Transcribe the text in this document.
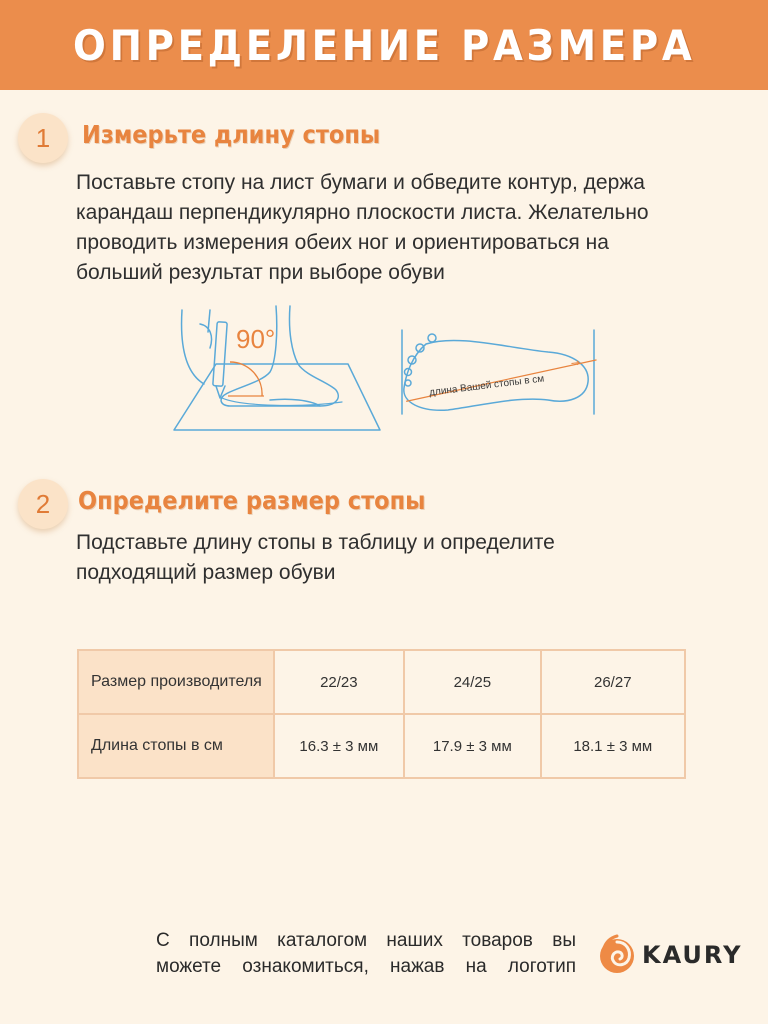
ОПРЕДЕЛЕНИЕ РАЗМЕРА
1 Измерьте длину стопы
Поставьте стопу на лист бумаги и обведите контур, держа
карандаш перпендикулярно плоскости листа. Желательно
проводить измерения обеих ног и ориентироваться на
больший результат при выборе обуви
90°
длина Вашей стопы в см
→
2 Определите размер стопы
Подставьте длину стопы в таблицу и определите
подходящий размер обуви
Размер производителя	22/23	24/25	26/27
Длина стопы в см	16.3 ± 3 мм	17.9 ± 3 мм	18.1 ± 3 мм
С полным каталогом наших товаров вы
можете ознакомиться, нажав на логотип	KAURY
